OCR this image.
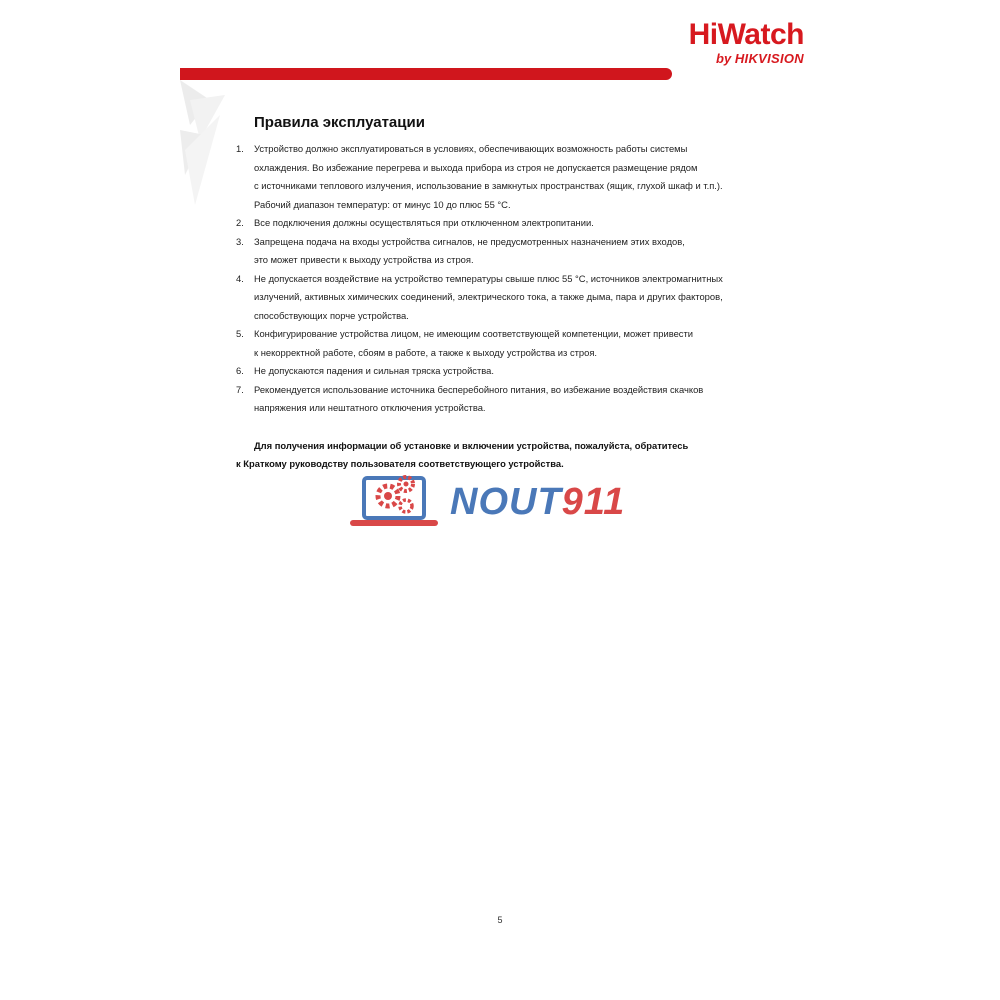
HiWatch
by HIKVISION
Правила эксплуатации
1.	Устройство должно эксплуатироваться в условиях, обеспечивающих возможность работы системы
охлаждения. Во избежание перегрева и выхода прибора из строя не допускается размещение рядом
с источниками теплового излучения, использование в замкнутых пространствах (ящик, глухой шкаф и т.п.).
Рабочий диапазон температур: от минус 10 до плюс 55 °С.
2.	Все подключения должны осуществляться при отключенном электропитании.
3.	Запрещена подача на входы устройства сигналов, не предусмотренных назначением этих входов,
это может привести к выходу устройства из строя.
4.	Не допускается воздействие на устройство температуры свыше плюс 55 °С, источников электромагнитных
излучений, активных химических соединений, электрического тока, а также дыма, пара и других факторов,
способствующих порче устройства.
5.	Конфигурирование устройства лицом, не имеющим соответствующей компетенции, может привести
к некорректной работе, сбоям в работе, а также к выходу устройства из строя.
6.	Не допускаются падения и сильная тряска устройства.
7.	Рекомендуется использование источника бесперебойного питания, во избежание воздействия скачков
напряжения или нештатного отключения устройства.
Для получения информации об установке и включении устройства, пожалуйста, обратитесь
к Краткому руководству пользователя соответствующего устройства.
NOUT911
5
